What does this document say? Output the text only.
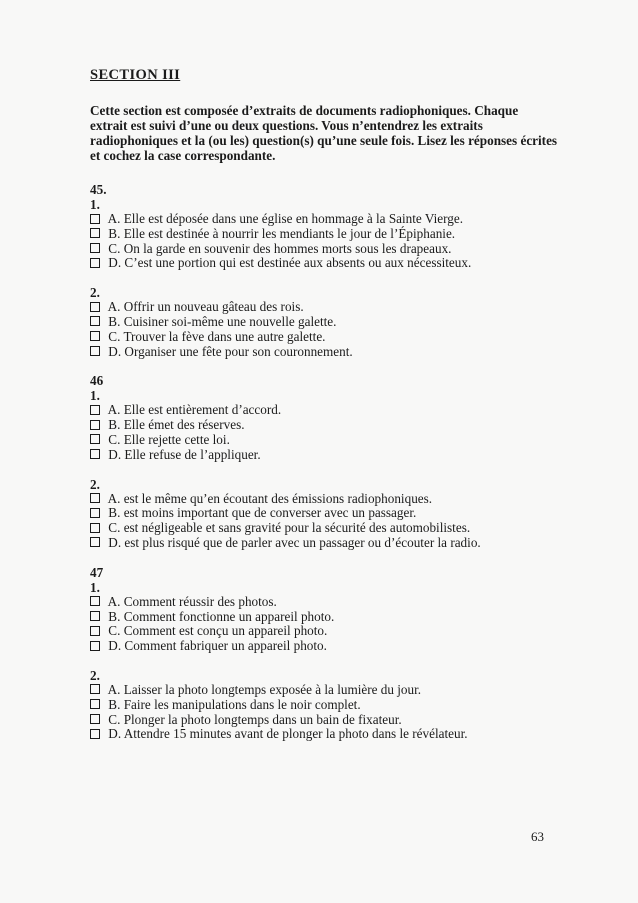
SECTION III
Cette section est composée d’extraits de documents radiophoniques. Chaque
extrait est suivi d’une ou deux questions. Vous n’entendrez les extraits
radiophoniques et la (ou les) question(s) qu’une seule fois. Lisez les réponses écrites
et cochez la case correspondante.
45.
1.
A. Elle est déposée dans une église en hommage à la Sainte Vierge.
B. Elle est destinée à nourrir les mendiants le jour de l’Épiphanie.
C. On la garde en souvenir des hommes morts sous les drapeaux.
D. C’est une portion qui est destinée aux absents ou aux nécessiteux.
2.
A. Offrir un nouveau gâteau des rois.
B. Cuisiner soi-même une nouvelle galette.
C. Trouver la fève dans une autre galette.
D. Organiser une fête pour son couronnement.
46
1.
A. Elle est entièrement d’accord.
B. Elle émet des réserves.
C. Elle rejette cette loi.
D. Elle refuse de l’appliquer.
2.
A. est le même qu’en écoutant des émissions radiophoniques.
B. est moins important que de converser avec un passager.
C. est négligeable et sans gravité pour la sécurité des automobilistes.
D. est plus risqué que de parler avec un passager ou d’écouter la radio.
47
1.
A. Comment réussir des photos.
B. Comment fonctionne un appareil photo.
C. Comment est conçu un appareil photo.
D. Comment fabriquer un appareil photo.
2.
A. Laisser la photo longtemps exposée à la lumière du jour.
B. Faire les manipulations dans le noir complet.
C. Plonger la photo longtemps dans un bain de fixateur.
D. Attendre 15 minutes avant de plonger la photo dans le révélateur.
63
